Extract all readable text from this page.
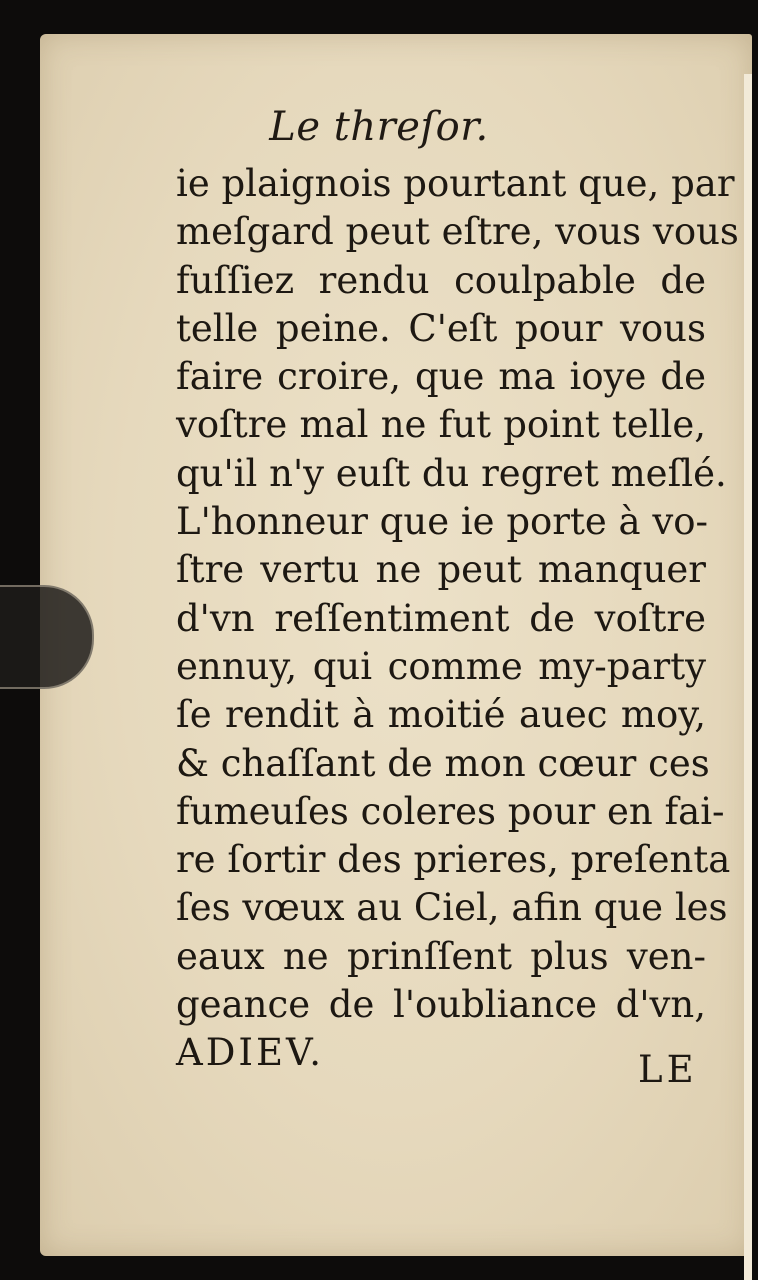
Le threſor.
ie plaignois pourtant que, par
meſgard peut eſtre, vous vous
fuſſiez rendu coulpable de
telle peine. C'eſt pour vous
faire croire, que ma ioye de
voſtre mal ne fut point telle,
qu'il n'y euſt du regret meſlé.
L'honneur que ie porte à vo-
ſtre vertu ne peut manquer
d'vn reſſentiment de voſtre
ennuy, qui comme my-party
ſe rendit à moitié auec moy,
& chaſſant de mon cœur ces
fumeuſes coleres pour en fai-
re ſortir des prieres, preſenta
ſes vœux au Ciel, afin que les
eaux ne prinſſent plus ven-
geance de l'oubliance d'vn,
ADIEV.	LE
